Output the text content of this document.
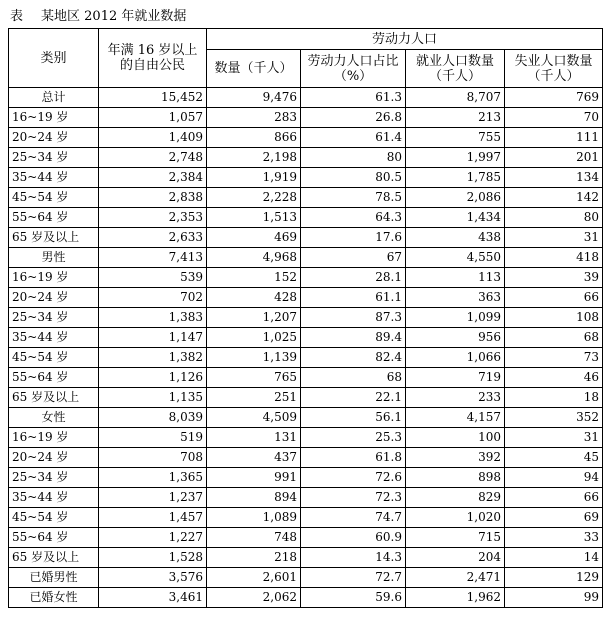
表 某地区 2012 年就业数据
类别	年满 16 岁以上的自由公民	劳动力人口			
		数量（千人）	劳动力人口占比（%）	就业人口数量（千人）	失业人口数量（千人）
总计	15,452	9,476	61.3	8,707	769
16~19 岁	1,057	283	26.8	213	70
20~24 岁	1,409	866	61.4	755	111
25~34 岁	2,748	2,198	80	1,997	201
35~44 岁	2,384	1,919	80.5	1,785	134
45~54 岁	2,838	2,228	78.5	2,086	142
55~64 岁	2,353	1,513	64.3	1,434	80
65 岁及以上	2,633	469	17.6	438	31
男性	7,413	4,968	67	4,550	418
16~19 岁	539	152	28.1	113	39
20~24 岁	702	428	61.1	363	66
25~34 岁	1,383	1,207	87.3	1,099	108
35~44 岁	1,147	1,025	89.4	956	68
45~54 岁	1,382	1,139	82.4	1,066	73
55~64 岁	1,126	765	68	719	46
65 岁及以上	1,135	251	22.1	233	18
女性	8,039	4,509	56.1	4,157	352
16~19 岁	519	131	25.3	100	31
20~24 岁	708	437	61.8	392	45
25~34 岁	1,365	991	72.6	898	94
35~44 岁	1,237	894	72.3	829	66
45~54 岁	1,457	1,089	74.7	1,020	69
55~64 岁	1,227	748	60.9	715	33
65 岁及以上	1,528	218	14.3	204	14
已婚男性	3,576	2,601	72.7	2,471	129
已婚女性	3,461	2,062	59.6	1,962	99
